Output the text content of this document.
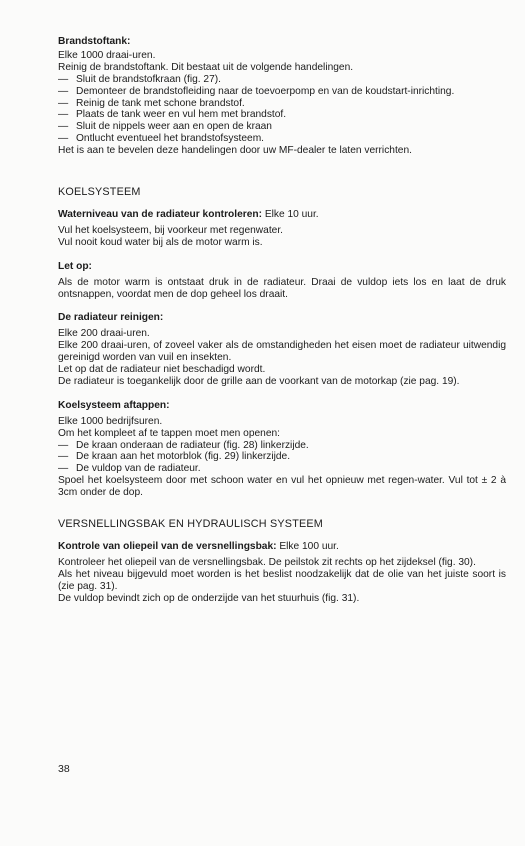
Brandstoftank:

Elke 1000 draai-uren.

Reinig de brandstoftank. Dit bestaat uit de volgende handelingen.

— Sluit de brandstofkraan (fig. 27).
— Demonteer de brandstofleiding naar de toevoerpomp en van de koudstart-inrichting.
— Reinig de tank met schone brandstof.
— Plaats de tank weer en vul hem met brandstof.
— Sluit de nippels weer aan en open de kraan
— Ontlucht eventueel het brandstofsysteem.

Het is aan te bevelen deze handelingen door uw MF-dealer te laten verrichten.

KOELSYSTEEM

Waterniveau van de radiateur kontroleren: Elke 10 uur.

Vul het koelsysteem, bij voorkeur met regenwater.

Vul nooit koud water bij als de motor warm is.

Let op:

Als de motor warm is ontstaat druk in de radiateur. Draai de vuldop iets los en laat de druk ontsnappen, voordat men de dop geheel los draait.

De radiateur reinigen:

Elke 200 draai-uren.

Elke 200 draai-uren, of zoveel vaker als de omstandigheden het eisen moet de radiateur uitwendig gereinigd worden van vuil en insekten.

Let op dat de radiateur niet beschadigd wordt.

De radiateur is toegankelijk door de grille aan de voorkant van de motorkap (zie pag. 19).

Koelsysteem aftappen:

Elke 1000 bedrijfsuren.

Om het kompleet af te tappen moet men openen:

— De kraan onderaan de radiateur (fig. 28) linkerzijde.
— De kraan aan het motorblok (fig. 29) linkerzijde.
— De vuldop van de radiateur.

Spoel het koelsysteem door met schoon water en vul het opnieuw met regen-water. Vul tot ± 2 à 3cm onder de dop.

VERSNELLINGSBAK EN HYDRAULISCH SYSTEEM

Kontrole van oliepeil van de versnellingsbak: Elke 100 uur.

Kontroleer het oliepeil van de versnellingsbak. De peilstok zit rechts op het zijdeksel (fig. 30).

Als het niveau bijgevuld moet worden is het beslist noodzakelijk dat de olie van het juiste soort is (zie pag. 31).

De vuldop bevindt zich op de onderzijde van het stuurhuis (fig. 31).

38
